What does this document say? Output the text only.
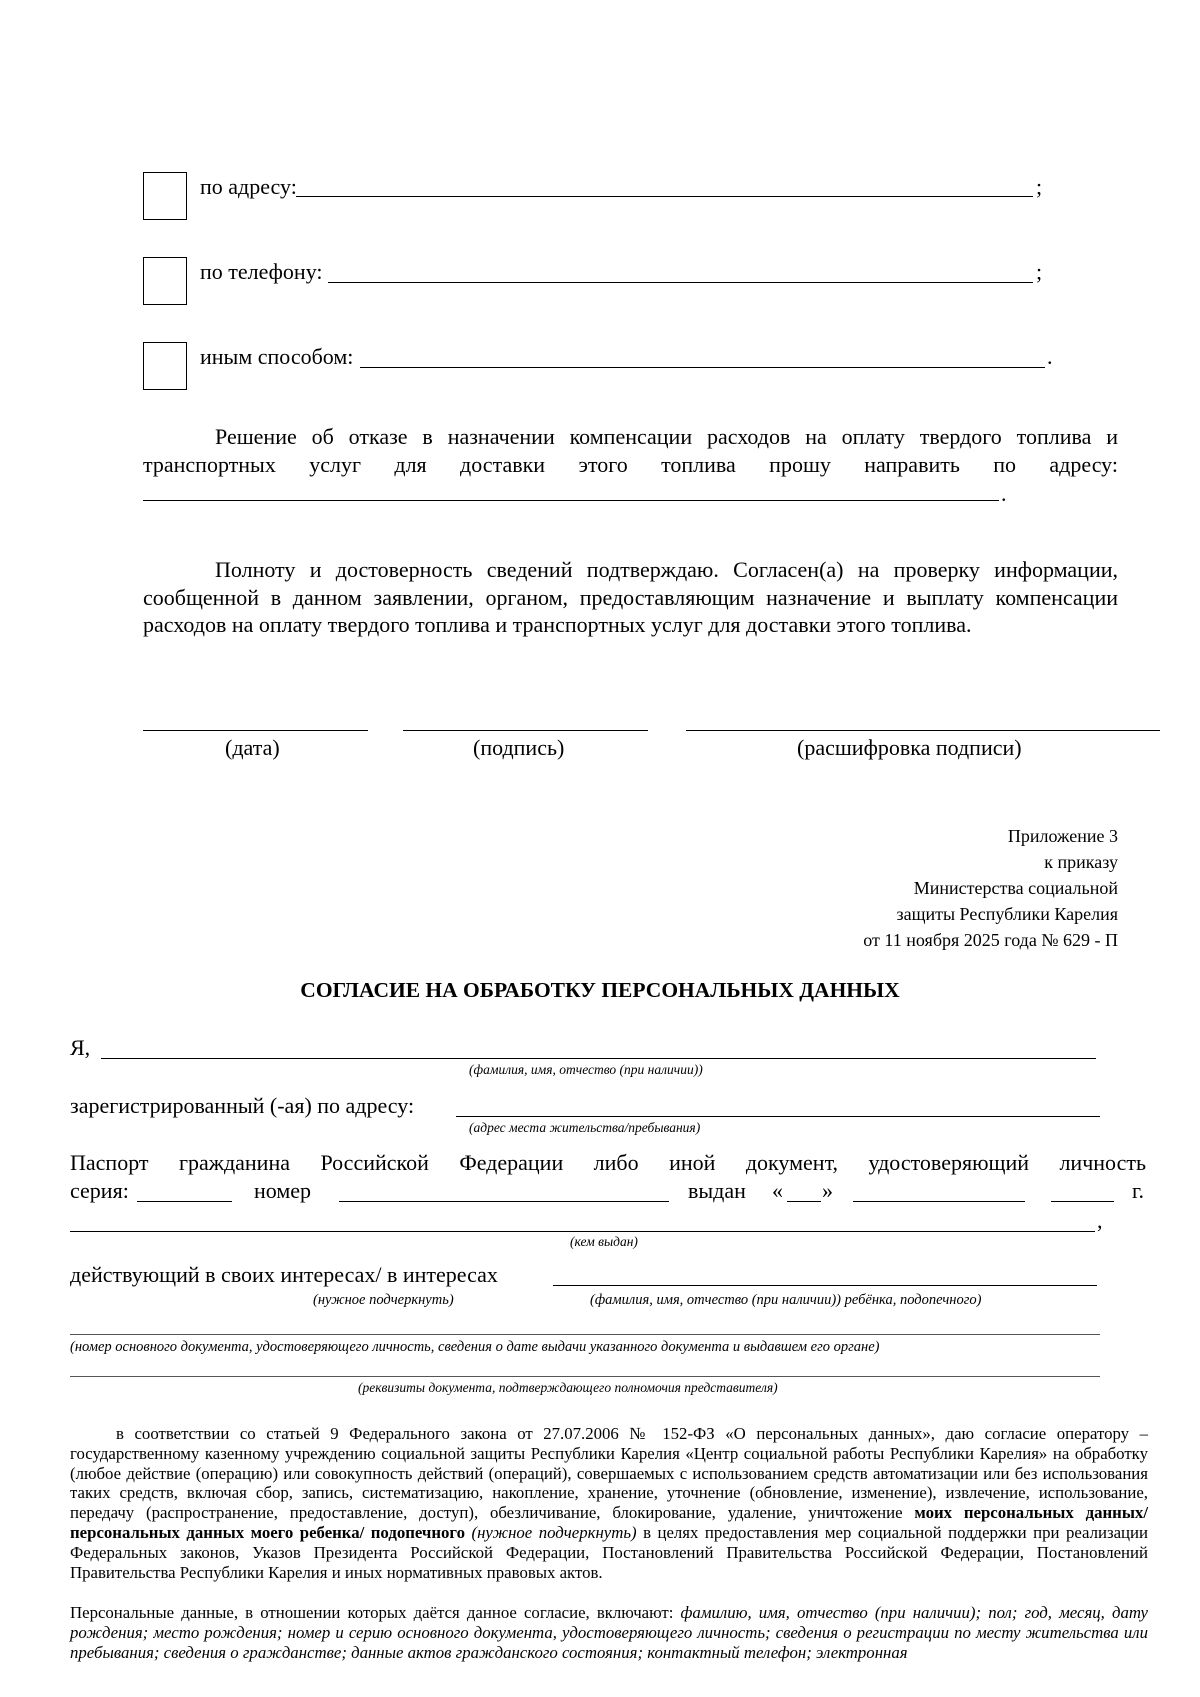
по адресу:	;
по телефону:	;
иным способом:	.
Решение об отказе в назначении компенсации расходов на оплату твердого топлива и транспортных услуг для доставки этого топлива прошу направить по адресу:
.
Полноту и достоверность сведений подтверждаю. Согласен(а) на проверку информации, сообщенной в данном заявлении, органом, предоставляющим назначение и выплату компенсации расходов на оплату твердого топлива и транспортных услуг для доставки этого топлива.
(дата)	(подпись)	(расшифровка подписи)
Приложение 3
к приказу
Министерства социальной
защиты Республики Карелия
от 11 ноября 2025 года № 629 - П
СОГЛАСИЕ НА ОБРАБОТКУ ПЕРСОНАЛЬНЫХ ДАННЫХ
Я,
(фамилия, имя, отчество (при наличии))
зарегистрированный (-ая) по адресу:
(адрес места жительства/пребывания)
Паспорт гражданина Российской Федерации либо иной документ, удостоверяющий личность
серия:	номер	выдан « »	г.
,
(кем выдан)
действующий в своих интересах/ в интересах
(нужное подчеркнуть)	(фамилия, имя, отчество (при наличии)) ребёнка, подопечного)
(номер основного документа, удостоверяющего личность, сведения о дате выдачи указанного документа и выдавшем его органе)
(реквизиты документа, подтверждающего полномочия представителя)
в соответствии со статьей 9 Федерального закона от 27.07.2006 № 152-ФЗ «О персональных данных», даю согласие оператору – государственному казенному учреждению социальной защиты Республики Карелия «Центр социальной работы Республики Карелия» на обработку (любое действие (операцию) или совокупность действий (операций), совершаемых с использованием средств автоматизации или без использования таких средств, включая сбор, запись, систематизацию, накопление, хранение, уточнение (обновление, изменение), извлечение, использование, передачу (распространение, предоставление, доступ), обезличивание, блокирование, удаление, уничтожение моих персональных данных/ персональных данных моего ребенка/ подопечного (нужное подчеркнуть) в целях предоставления мер социальной поддержки при реализации Федеральных законов, Указов Президента Российской Федерации, Постановлений Правительства Российской Федерации, Постановлений Правительства Республики Карелия и иных нормативных правовых актов.
Персональные данные, в отношении которых даётся данное согласие, включают: фамилию, имя, отчество (при наличии); пол; год, месяц, дату рождения; место рождения; номер и серию основного документа, удостоверяющего личность; сведения о регистрации по месту жительства или пребывания; сведения о гражданстве; данные актов гражданского состояния; контактный телефон; электронная
